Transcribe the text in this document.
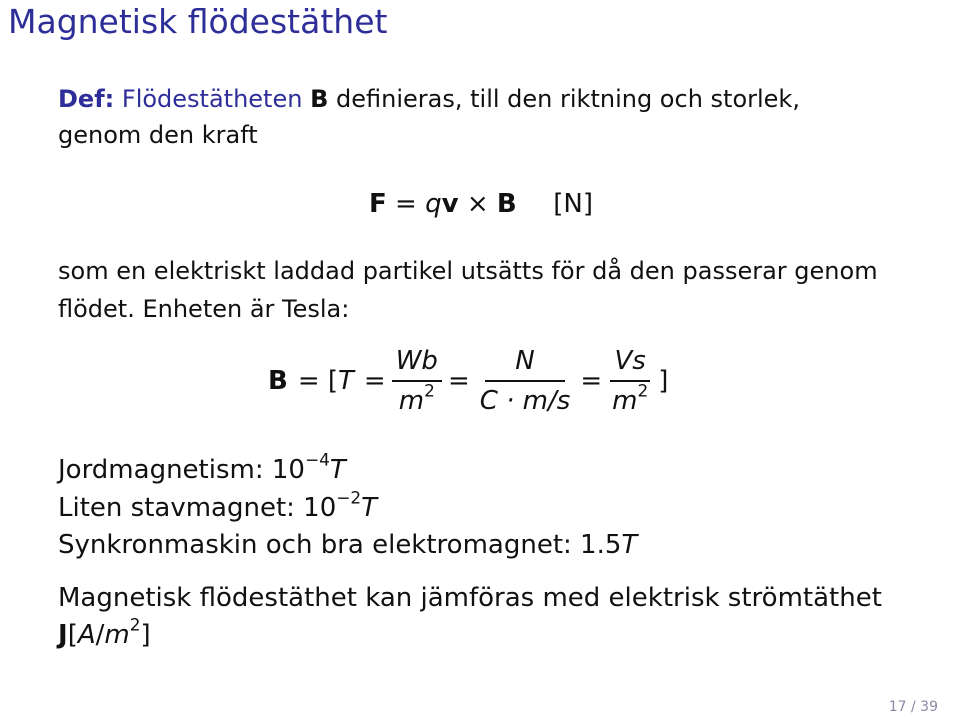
Magnetisk flödestäthet
Def: Flödestätheten B definieras, till den riktning och storlek,
genom den kraft
F = qv × B [N]
som en elektriskt laddad partikel utsätts för då den passerar genom
flödet. Enheten är Tesla:
B = [ $T = \frac{Wb}{m^2} = \frac{N}{C \cdot m/s} = \frac{Vs}{m^2}$ ]
Jordmagnetism: $10^{-4}T$
Liten stavmagnet: $10^{-2}T$
Synkronmaskin och bra elektromagnet: 1.5T
Magnetisk flödestäthet kan jämföras med elektrisk strömtäthet
$J[A/m^2]$
17 / 39
